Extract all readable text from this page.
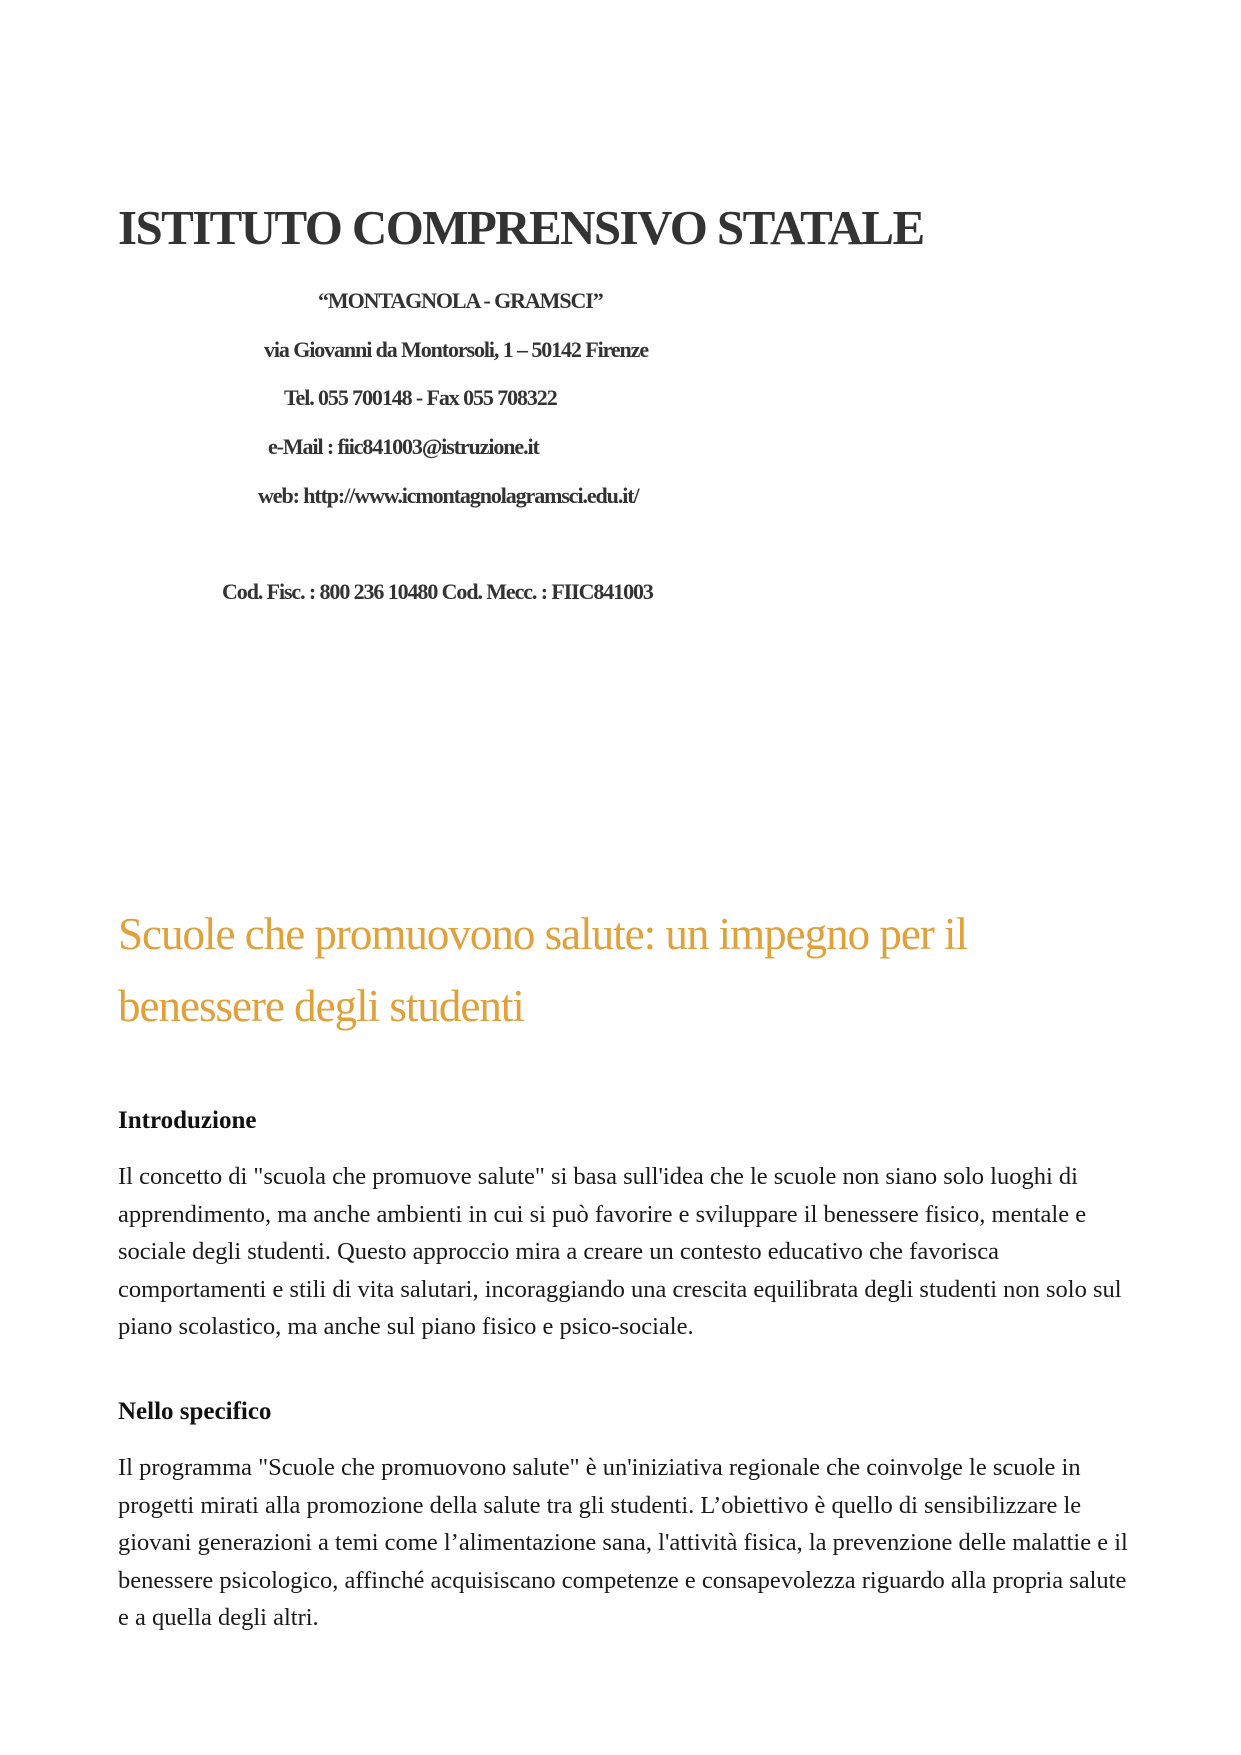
ISTITUTO COMPRENSIVO STATALE
“MONTAGNOLA - GRAMSCI”
via Giovanni da Montorsoli, 1 – 50142 Firenze
Tel. 055 700148 - Fax 055 708322
e-Mail : fiic841003@istruzione.it
web: http://www.icmontagnolagramsci.edu.it/
Cod. Fisc. : 800 236 10480 Cod. Mecc. : FIIC841003
Scuole che promuovono salute: un impegno per il benessere degli studenti
Introduzione

Il concetto di "scuola che promuove salute" si basa sull'idea che le scuole non siano solo luoghi di apprendimento, ma anche ambienti in cui si può favorire e sviluppare il benessere fisico, mentale e sociale degli studenti. Questo approccio mira a creare un contesto educativo che favorisca comportamenti e stili di vita salutari, incoraggiando una crescita equilibrata degli studenti non solo sul piano scolastico, ma anche sul piano fisico e psico-sociale.

Nello specifico

Il programma "Scuole che promuovono salute" è un'iniziativa regionale che coinvolge le scuole in progetti mirati alla promozione della salute tra gli studenti. L’obiettivo è quello di sensibilizzare le giovani generazioni a temi come l’alimentazione sana, l'attività fisica, la prevenzione delle malattie e il benessere psicologico, affinché acquisiscano competenze e consapevolezza riguardo alla propria salute e a quella degli altri.
